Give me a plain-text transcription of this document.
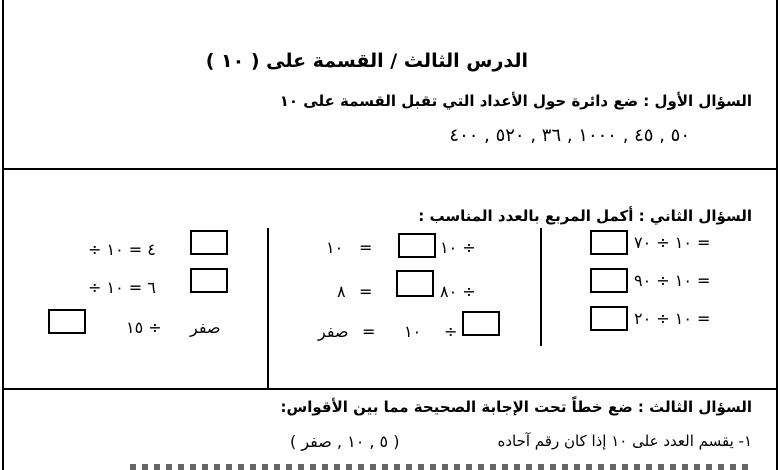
الدرس الثالث / القسمة على ( ١٠ )
السؤال الأول : ضع دائرة حول الأعداد التي تقبل القسمة على ١٠
٥٠ , ٤٥ , ١٠٠٠ , ٣٦ , ٥٢٠ , ٤٠٠
السؤال الثاني : أكمل المربع بالعدد المناسب :
= ١٠ ÷ ٧٠
= ١٠ ÷ ٩٠
= ١٠ ÷ ٢٠
÷ ١٠
=
١٠
÷ ٨٠
=
٨
÷
١٠
=
صفر
٤ = ١٠ ÷
٦ = ١٠ ÷
صفر
÷ ١٥
السؤال الثالث : ضع خطاً تحت الإجابة الصحيحة مما بين الأقواس:
١- يقسم العدد على ١٠ إذا كان رقم آحاده
( ٥ , ١٠ , صفر )
